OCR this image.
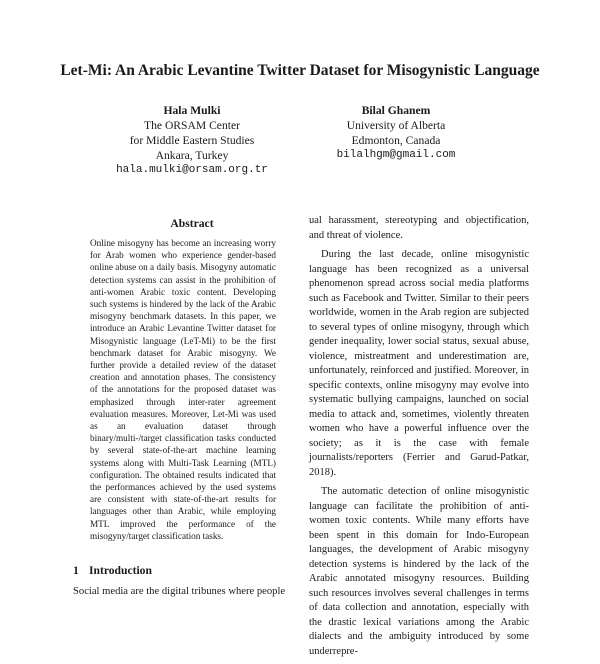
Let-Mi: An Arabic Levantine Twitter Dataset for Misogynistic Language
Hala Mulki
The ORSAM Center
for Middle Eastern Studies
Ankara, Turkey
hala.mulki@orsam.org.tr
Bilal Ghanem
University of Alberta
Edmonton, Canada
bilalhgm@gmail.com
Abstract
Online misogyny has become an increasing worry for Arab women who experience gender-based online abuse on a daily basis. Misogyny automatic detection systems can assist in the prohibition of anti-women Arabic toxic content. Developing such systems is hindered by the lack of the Arabic misogyny benchmark datasets. In this paper, we introduce an Arabic Levantine Twitter dataset for Misogynistic language (LeT-Mi) to be the first benchmark dataset for Arabic misogyny. We further provide a detailed review of the dataset creation and annotation phases. The consistency of the annotations for the proposed dataset was emphasized through inter-rater agreement evaluation measures. Moreover, Let-Mi was used as an evaluation dataset through binary/multi-/target classification tasks conducted by several state-of-the-art machine learning systems along with Multi-Task Learning (MTL) configuration. The obtained results indicated that the performances achieved by the used systems are consistent with state-of-the-art results for languages other than Arabic, while employing MTL improved the performance of the misogyny/target classification tasks.
1 Introduction
Social media are the digital tribunes where people

ual harassment, stereotyping and objectification, and threat of violence.

During the last decade, online misogynistic language has been recognized as a universal phenomenon spread across social media platforms such as Facebook and Twitter. Similar to their peers worldwide, women in the Arab region are subjected to several types of online misogyny, through which gender inequality, lower social status, sexual abuse, violence, mistreatment and underestimation are, unfortunately, reinforced and justified. Moreover, in specific contexts, online misogyny may evolve into systematic bullying campaigns, launched on social media to attack and, sometimes, violently threaten women who have a powerful influence over the society; as it is the case with female journalists/reporters (Ferrier and Garud-Patkar, 2018).

The automatic detection of online misogynistic language can facilitate the prohibition of anti-women toxic contents. While many efforts have been spent in this domain for Indo-European languages, the development of Arabic misogyny detection systems is hindered by the lack of the Arabic annotated misogyny resources. Building such resources involves several challenges in terms of data collection and annotation, especially with the drastic lexical variations among the Arabic dialects and the ambiguity introduced by some underrepre-
